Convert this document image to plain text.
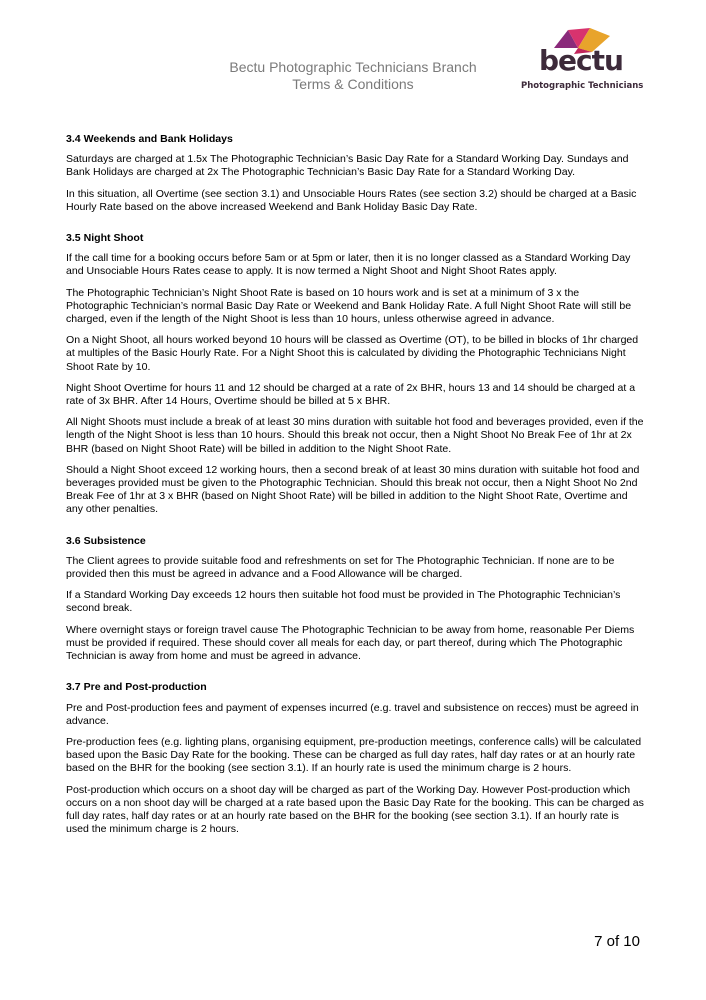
Bectu Photographic Technicians Branch
Terms & Conditions
bectu
Photographic Technicians
3.4 Weekends and Bank Holidays

Saturdays are charged at 1.5x The Photographic Technician’s Basic Day Rate for a Standard Working Day. Sundays and Bank Holidays are charged at 2x The Photographic Technician’s Basic Day Rate for a Standard Working Day.

In this situation, all Overtime (see section 3.1) and Unsociable Hours Rates (see section 3.2) should be charged at a Basic Hourly Rate based on the above increased Weekend and Bank Holiday Basic Day Rate.

3.5 Night Shoot

If the call time for a booking occurs before 5am or at 5pm or later, then it is no longer classed as a Standard Working Day and Unsociable Hours Rates cease to apply. It is now termed a Night Shoot and Night Shoot Rates apply.

The Photographic Technician’s Night Shoot Rate is based on 10 hours work and is set at a minimum of 3 x the Photographic Technician’s normal Basic Day Rate or Weekend and Bank Holiday Rate. A full Night Shoot Rate will still be charged, even if the length of the Night Shoot is less than 10 hours, unless otherwise agreed in advance.

On a Night Shoot, all hours worked beyond 10 hours will be classed as Overtime (OT), to be billed in blocks of 1hr charged at multiples of the Basic Hourly Rate. For a Night Shoot this is calculated by dividing the Photographic Technicians Night Shoot Rate by 10.

Night Shoot Overtime for hours 11 and 12 should be charged at a rate of 2x BHR, hours 13 and 14 should be charged at a rate of 3x BHR. After 14 Hours, Overtime should be billed at 5 x BHR.

All Night Shoots must include a break of at least 30 mins duration with suitable hot food and beverages provided, even if the length of the Night Shoot is less than 10 hours. Should this break not occur, then a Night Shoot No Break Fee of 1hr at 2x BHR (based on Night Shoot Rate) will be billed in addition to the Night Shoot Rate.

Should a Night Shoot exceed 12 working hours, then a second break of at least 30 mins duration with suitable hot food and beverages provided must be given to the Photographic Technician. Should this break not occur, then a Night Shoot No 2nd Break Fee of 1hr at 3 x BHR (based on Night Shoot Rate) will be billed in addition to the Night Shoot Rate, Overtime and any other penalties.

3.6 Subsistence

The Client agrees to provide suitable food and refreshments on set for The Photographic Technician. If none are to be provided then this must be agreed in advance and a Food Allowance will be charged.

If a Standard Working Day exceeds 12 hours then suitable hot food must be provided in The Photographic Technician’s second break.

Where overnight stays or foreign travel cause The Photographic Technician to be away from home, reasonable Per Diems must be provided if required. These should cover all meals for each day, or part thereof, during which The Photographic Technician is away from home and must be agreed in advance.

3.7 Pre and Post-production

Pre and Post-production fees and payment of expenses incurred (e.g. travel and subsistence on recces) must be agreed in advance.

Pre-production fees (e.g. lighting plans, organising equipment, pre-production meetings, conference calls) will be calculated based upon the Basic Day Rate for the booking. These can be charged as full day rates, half day rates or at an hourly rate based on the BHR for the booking (see section 3.1). If an hourly rate is used the minimum charge is 2 hours.

Post-production which occurs on a shoot day will be charged as part of the Working Day. However Post-production which occurs on a non shoot day will be charged at a rate based upon the Basic Day Rate for the booking. This can be charged as full day rates, half day rates or at an hourly rate based on the BHR for the booking (see section 3.1). If an hourly rate is used the minimum charge is 2 hours.

7 of 10
